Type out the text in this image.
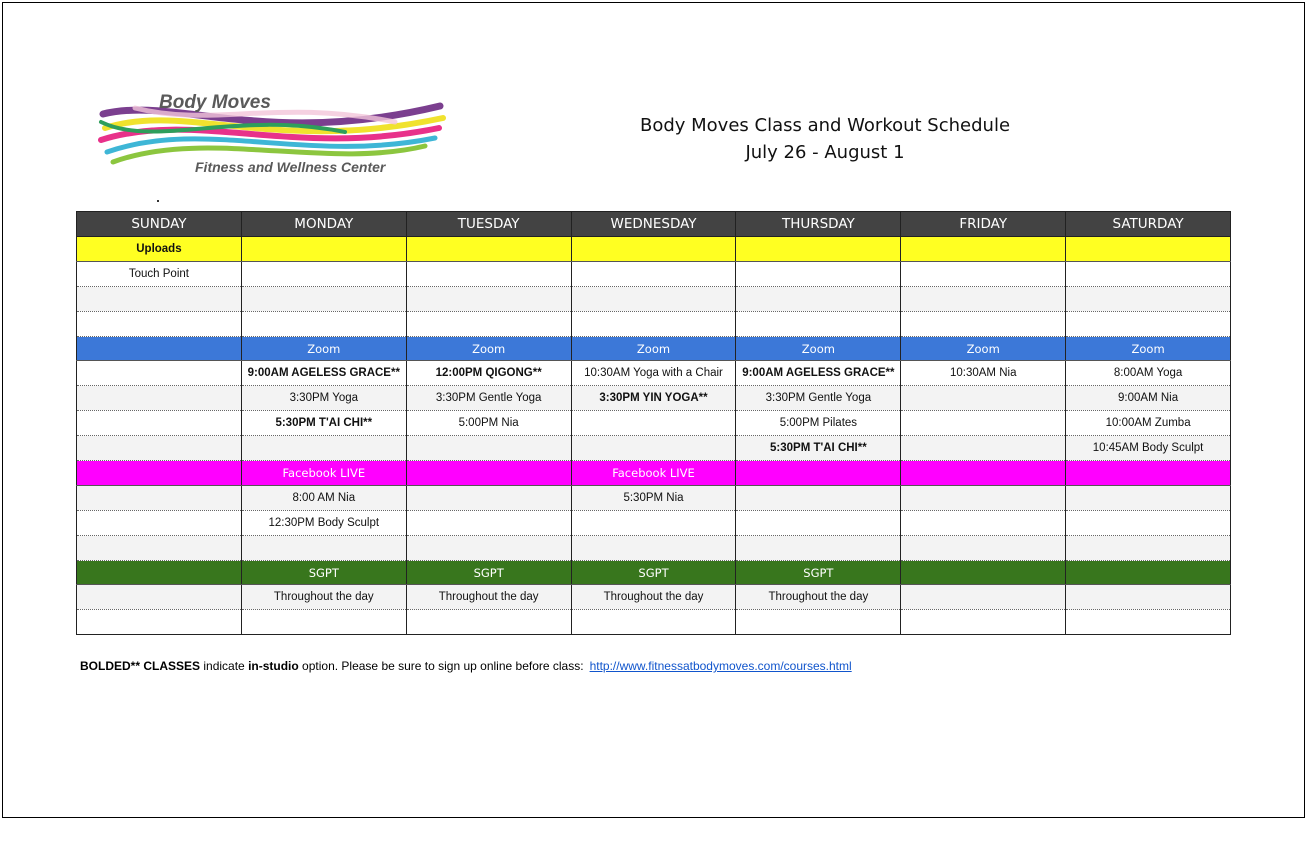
Body Moves
Fitness and Wellness Center
Body Moves Class and Workout Schedule
July 26 - August 1
SUNDAY	MONDAY	TUESDAY	WEDNESDAY	THURSDAY	FRIDAY	SATURDAY
Uploads						
Touch Point						

	Zoom	Zoom	Zoom	Zoom	Zoom	Zoom
	9:00AM AGELESS GRACE**	12:00PM QIGONG**	10:30AM Yoga with a Chair	9:00AM AGELESS GRACE**	10:30AM Nia	8:00AM Yoga
	3:30PM Yoga	3:30PM Gentle Yoga	3:30PM YIN YOGA**	3:30PM Gentle Yoga		9:00AM Nia
	5:30PM T'AI CHI**	5:00PM Nia		5:00PM Pilates		10:00AM Zumba
				5:30PM T'AI CHI**		10:45AM Body Sculpt
	Facebook LIVE		Facebook LIVE			
	8:00 AM Nia		5:30PM Nia			
	12:30PM Body Sculpt					

	SGPT	SGPT	SGPT	SGPT		
	Throughout the day	Throughout the day	Throughout the day	Throughout the day		

BOLDED** CLASSES indicate in-studio option. Please be sure to sign up online before class: http://www.fitnessatbodymoves.com/courses.html
